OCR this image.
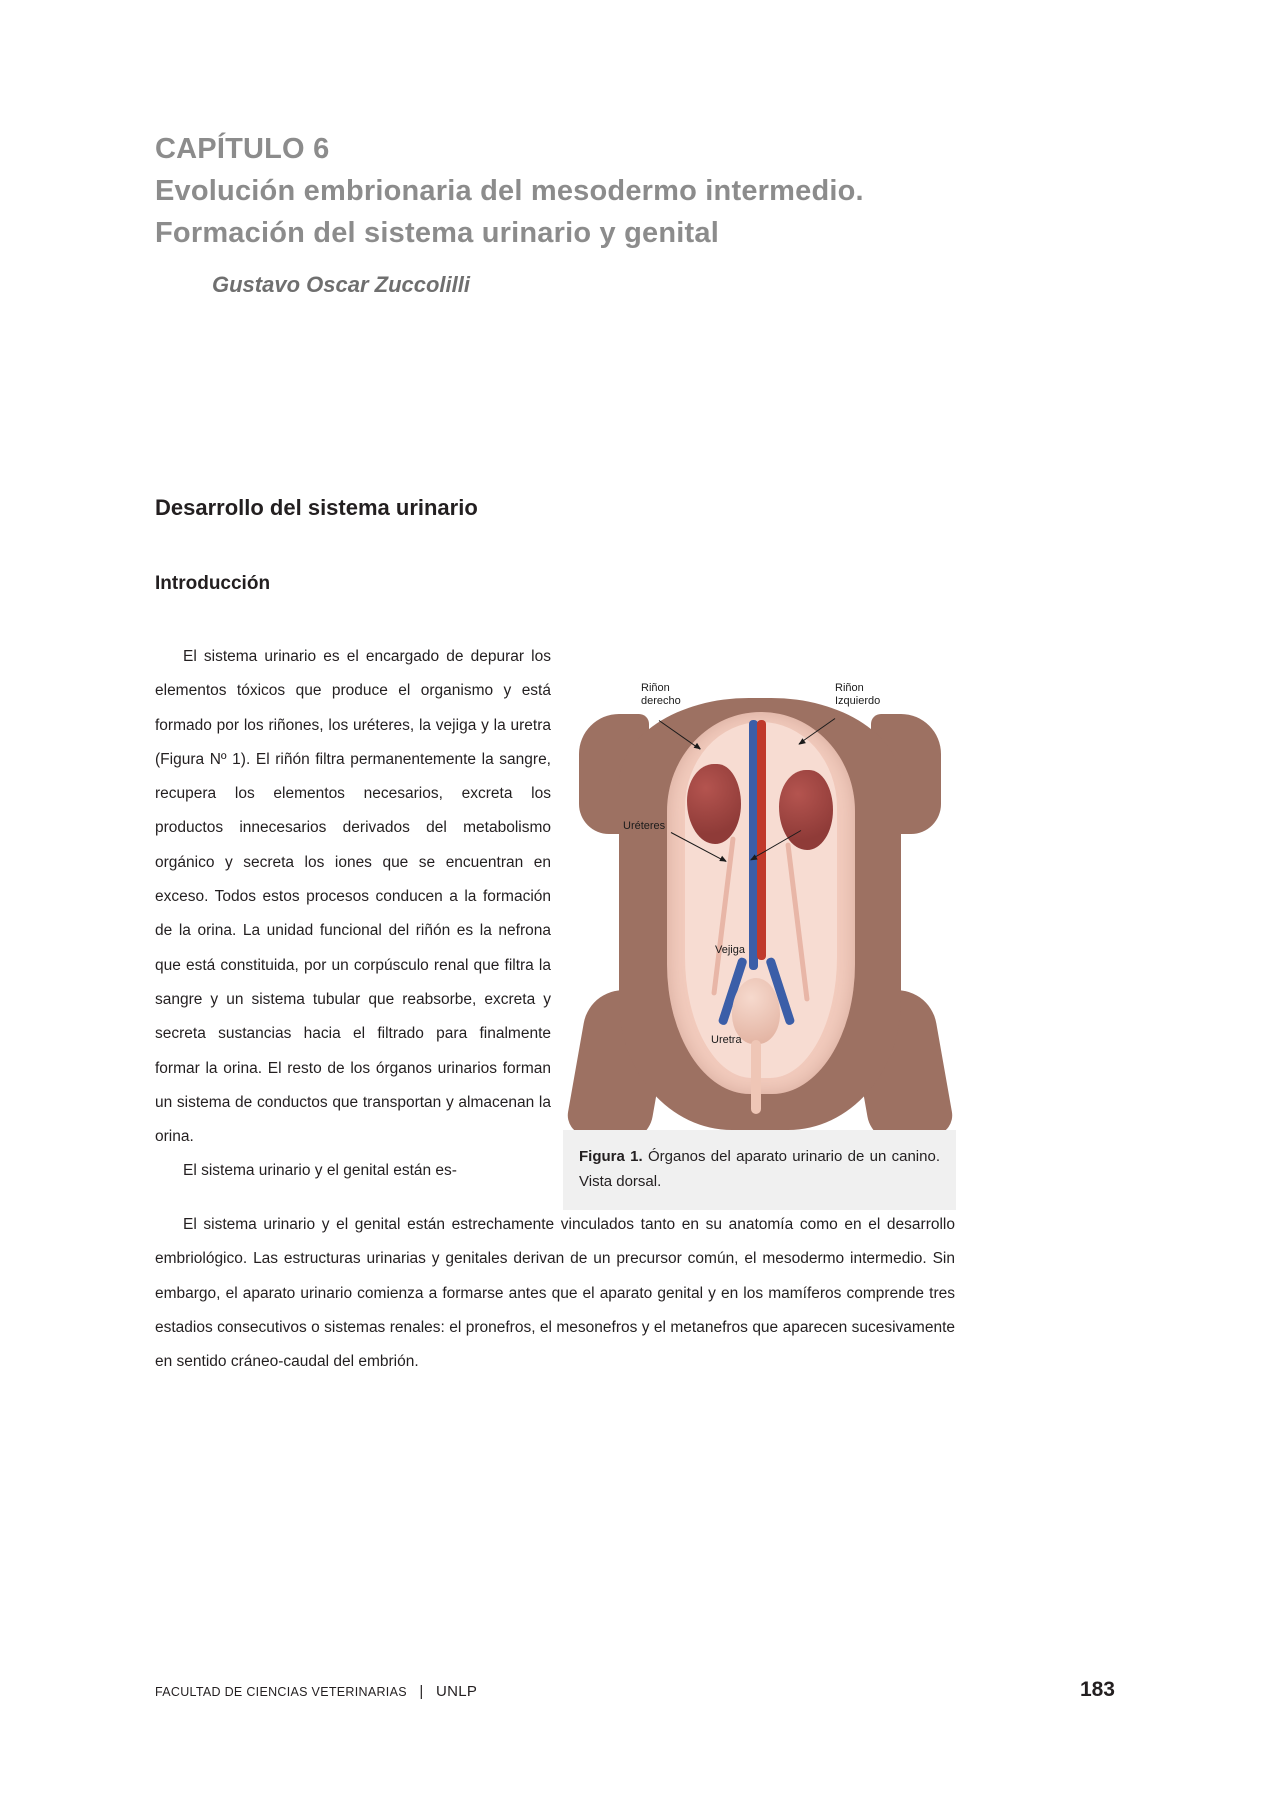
CAPÍTULO 6
Evolución embrionaria del mesodermo intermedio.
Formación del sistema urinario y genital
Gustavo Oscar Zuccolilli
Desarrollo del sistema urinario
Introducción

El sistema urinario es el encargado de depurar los elementos tóxicos que produce el organismo y está formado por los riñones, los uréteres, la vejiga y la uretra (Figura Nº 1). El riñón filtra permanentemente la sangre, recupera los elementos necesarios, excreta los productos innecesarios derivados del metabolismo orgánico y secreta los iones que se encuentran en exceso. Todos estos procesos conducen a la formación de la orina. La unidad funcional del riñón es la nefrona que está constituida, por un corpúsculo renal que filtra la sangre y un sistema tubular que reabsorbe, excreta y secreta sustancias hacia el filtrado para finalmente formar la orina. El resto de los órganos urinarios forman un sistema de conductos que transportan y almacenan la orina.

El sistema urinario y el genital están es-

Riñon
derecho
Riñon
Izquierdo
Uréteres
Vejiga
Uretra
Figura 1. Órganos del aparato urinario de un canino. Vista dorsal.

El sistema urinario y el genital están estrechamente vinculados tanto en su anatomía como en el desarrollo embriológico. Las estructuras urinarias y genitales derivan de un precursor común, el mesodermo intermedio. Sin embargo, el aparato urinario comienza a formarse antes que el aparato genital y en los mamíferos comprende tres estadios consecutivos o sistemas renales: el pronefros, el mesonefros y el metanefros que aparecen sucesivamente en sentido cráneo-caudal del embrión.

FACULTAD DE CIENCIAS VETERINARIAS | UNLP	183
